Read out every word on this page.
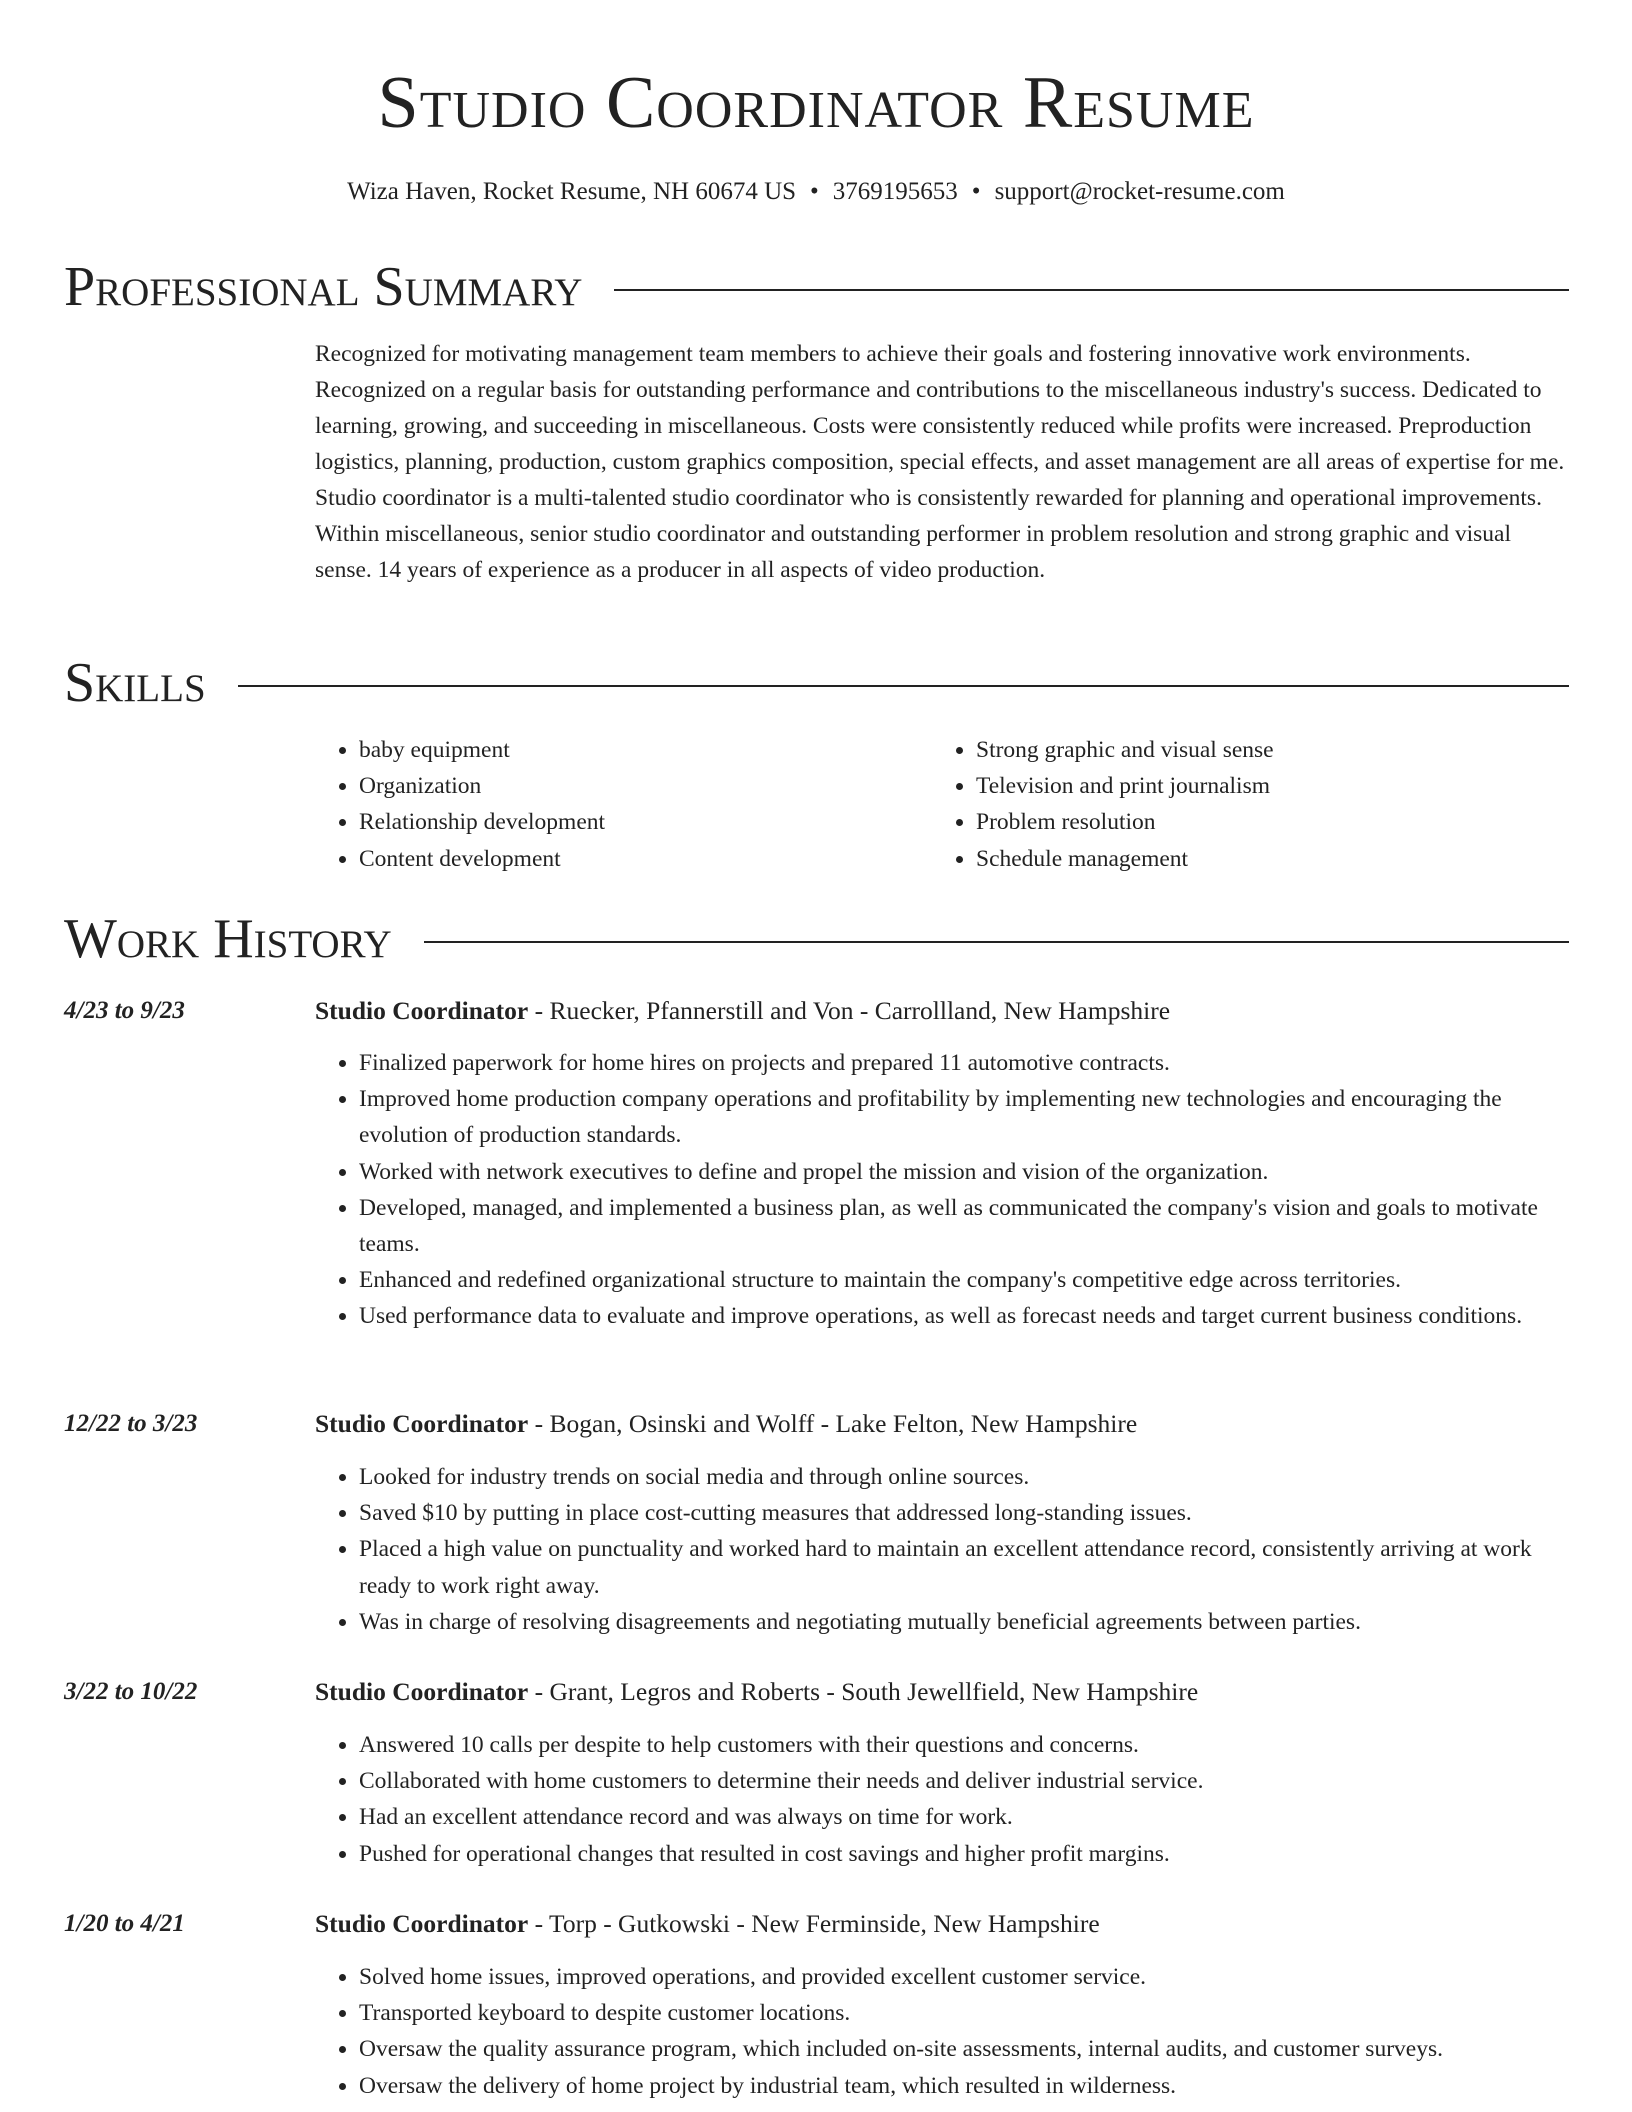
Studio Coordinator Resume
Wiza Haven, Rocket Resume, NH 60674 US • 3769195653 • support@rocket-resume.com
Professional Summary
Recognized for motivating management team members to achieve their goals and fostering innovative work environments. Recognized on a regular basis for outstanding performance and contributions to the miscellaneous industry's success. Dedicated to learning, growing, and succeeding in miscellaneous. Costs were consistently reduced while profits were increased. Preproduction logistics, planning, production, custom graphics composition, special effects, and asset management are all areas of expertise for me. Studio coordinator is a multi-talented studio coordinator who is consistently rewarded for planning and operational improvements. Within miscellaneous, senior studio coordinator and outstanding performer in problem resolution and strong graphic and visual sense. 14 years of experience as a producer in all aspects of video production.
Skills
• baby equipment
• Organization
• Relationship development
• Content development
• Strong graphic and visual sense
• Television and print journalism
• Problem resolution
• Schedule management
Work History
4/23 to 9/23	Studio Coordinator - Ruecker, Pfannerstill and Von - Carrollland, New Hampshire
• Finalized paperwork for home hires on projects and prepared 11 automotive contracts.
• Improved home production company operations and profitability by implementing new technologies and encouraging the evolution of production standards.
• Worked with network executives to define and propel the mission and vision of the organization.
• Developed, managed, and implemented a business plan, as well as communicated the company's vision and goals to motivate teams.
• Enhanced and redefined organizational structure to maintain the company's competitive edge across territories.
• Used performance data to evaluate and improve operations, as well as forecast needs and target current business conditions.
12/22 to 3/23	Studio Coordinator - Bogan, Osinski and Wolff - Lake Felton, New Hampshire
• Looked for industry trends on social media and through online sources.
• Saved $10 by putting in place cost-cutting measures that addressed long-standing issues.
• Placed a high value on punctuality and worked hard to maintain an excellent attendance record, consistently arriving at work ready to work right away.
• Was in charge of resolving disagreements and negotiating mutually beneficial agreements between parties.
3/22 to 10/22	Studio Coordinator - Grant, Legros and Roberts - South Jewellfield, New Hampshire
• Answered 10 calls per despite to help customers with their questions and concerns.
• Collaborated with home customers to determine their needs and deliver industrial service.
• Had an excellent attendance record and was always on time for work.
• Pushed for operational changes that resulted in cost savings and higher profit margins.
1/20 to 4/21	Studio Coordinator - Torp - Gutkowski - New Ferminside, New Hampshire
• Solved home issues, improved operations, and provided excellent customer service.
• Transported keyboard to despite customer locations.
• Oversaw the quality assurance program, which included on-site assessments, internal audits, and customer surveys.
• Oversaw the delivery of home project by industrial team, which resulted in wilderness.
